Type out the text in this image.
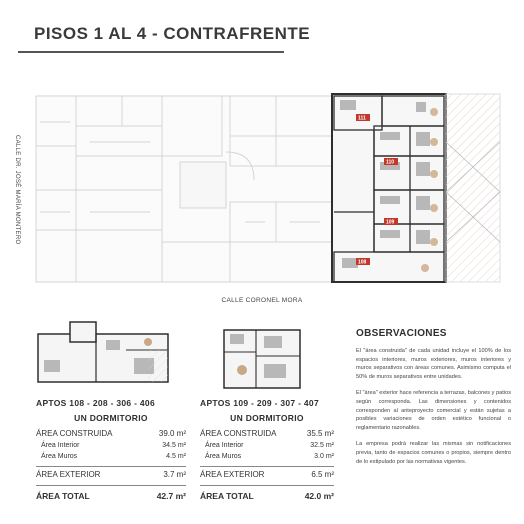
PISOS 1 AL 4 - CONTRAFRENTE
111
110
109
108
CALLE DR. JOSÉ MARÍA MONTERO
CALLE CORONEL MORA
APTOS 108 - 208 - 306 - 406
UN DORMITORIO
ÁREA CONSTRUIDA	39.0 m²
Área Interior	34.5 m²
Área Muros	4.5 m²
ÁREA EXTERIOR	3.7 m²
ÁREA TOTAL	42.7 m²
APTOS 109 - 209 - 307 - 407
UN DORMITORIO
ÁREA CONSTRUIDA	35.5 m²
Área Interior	32.5 m²
Área Muros	3.0 m²
ÁREA EXTERIOR	6.5 m²
ÁREA TOTAL	42.0 m²
OBSERVACIONES

El "área construida" de cada unidad incluye el 100% de los espacios interiores, muros exteriores, muros interiores y muros separativos con áreas comunes. Asimismo computa el 50% de muros separativos entre unidades.

El "área" exterior hace referencia a terrazas, balcones y patios según corresponda. Las dimensiones y contenidos corresponden al anteproyecto comercial y están sujetas a posibles variaciones de orden estético funcional o reglamentario razonables.

La empresa podrá realizar las mismas sin notificaciones previa, tanto de espacios comunes o propios, siempre dentro de lo estipulado por las normativas vigentes.
